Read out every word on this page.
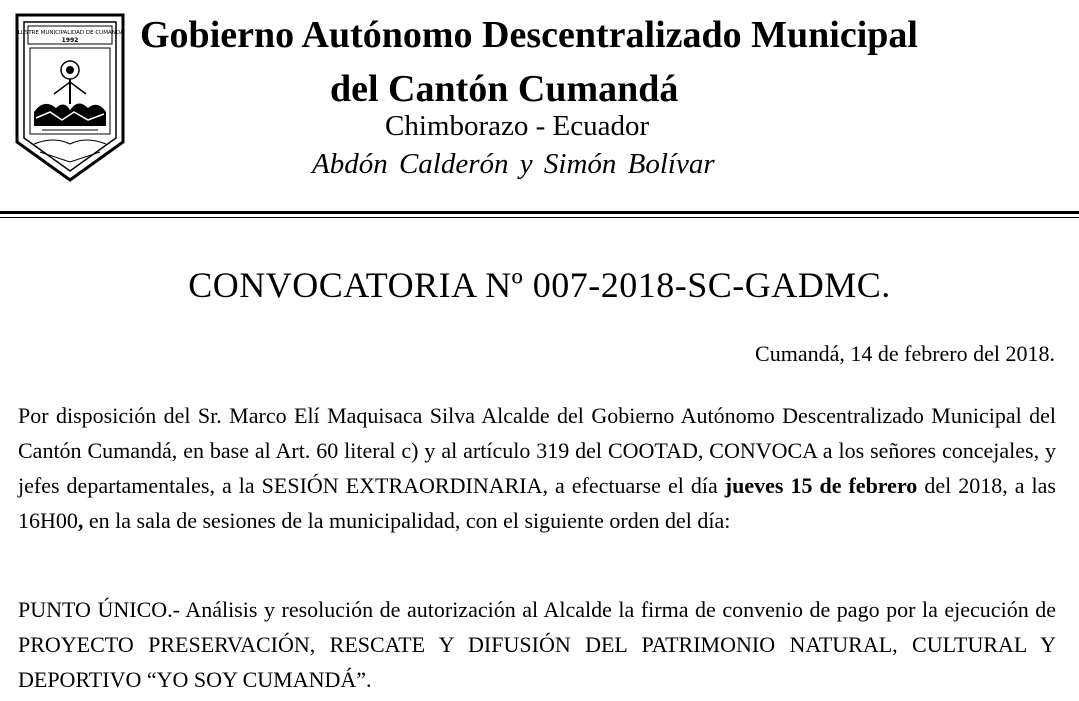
ILUSTRE MUNICIPALIDAD DE CUMANDÁ
1992 Gobierno Autónomo Descentralizado Municipal
del Cantón Cumandá
Chimborazo - Ecuador
Abdón Calderón y Simón Bolívar
CONVOCATORIA Nº 007-2018-SC-GADMC.
Cumandá, 14 de febrero del 2018.

Por disposición del Sr. Marco Elí Maquisaca Silva Alcalde del Gobierno Autónomo Descentralizado Municipal del Cantón Cumandá, en base al Art. 60 literal c) y al artículo 319 del COOTAD, CONVOCA a los señores concejales, y jefes departamentales, a la SESIÓN EXTRAORDINARIA, a efectuarse el día jueves 15 de febrero del 2018, a las 16H00, en la sala de sesiones de la municipalidad, con el siguiente orden del día:

PUNTO ÚNICO.- Análisis y resolución de autorización al Alcalde la firma de convenio de pago por la ejecución de PROYECTO PRESERVACIÓN, RESCATE Y DIFUSIÓN DEL PATRIMONIO NATURAL, CULTURAL Y DEPORTIVO “YO SOY CUMANDÁ”.
